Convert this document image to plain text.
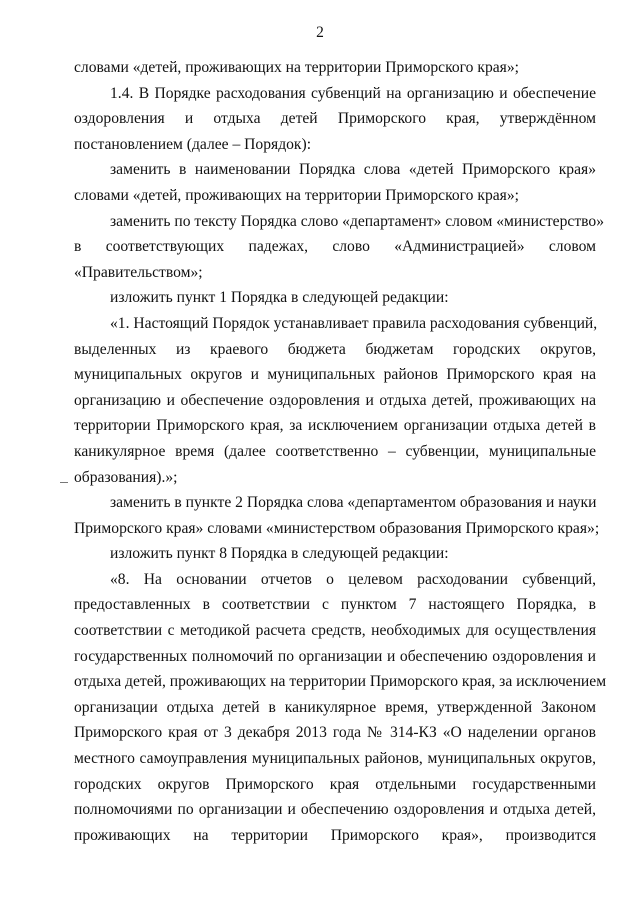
2
словами «детей, проживающих на территории Приморского края»;
1.4. В Порядке расходования субвенций на организацию и обеспечение
оздоровления и отдыха детей Приморского края, утверждённом
постановлением (далее – Порядок):
заменить в наименовании Порядка слова «детей Приморского края»
словами «детей, проживающих на территории Приморского края»;
заменить по тексту Порядка слово «департамент» словом «министерство»
в соответствующих падежах, слово «Администрацией» словом
«Правительством»;
изложить пункт 1 Порядка в следующей редакции:
«1. Настоящий Порядок устанавливает правила расходования субвенций,
выделенных из краевого бюджета бюджетам городских округов,
муниципальных округов и муниципальных районов Приморского края на
организацию и обеспечение оздоровления и отдыха детей, проживающих на
территории Приморского края, за исключением организации отдыха детей в
каникулярное время (далее соответственно – субвенции, муниципальные
образования).»;
заменить в пункте 2 Порядка слова «департаментом образования и науки
Приморского края» словами «министерством образования Приморского края»;
изложить пункт 8 Порядка в следующей редакции:
«8. На основании отчетов о целевом расходовании субвенций,
предоставленных в соответствии с пунктом 7 настоящего Порядка, в
соответствии с методикой расчета средств, необходимых для осуществления
государственных полномочий по организации и обеспечению оздоровления и
отдыха детей, проживающих на территории Приморского края, за исключением
организации отдыха детей в каникулярное время, утвержденной Законом
Приморского края от 3 декабря 2013 года № 314-КЗ «О наделении органов
местного самоуправления муниципальных районов, муниципальных округов,
городских округов Приморского края отдельными государственными
полномочиями по организации и обеспечению оздоровления и отдыха детей,
проживающих на территории Приморского края», производится
